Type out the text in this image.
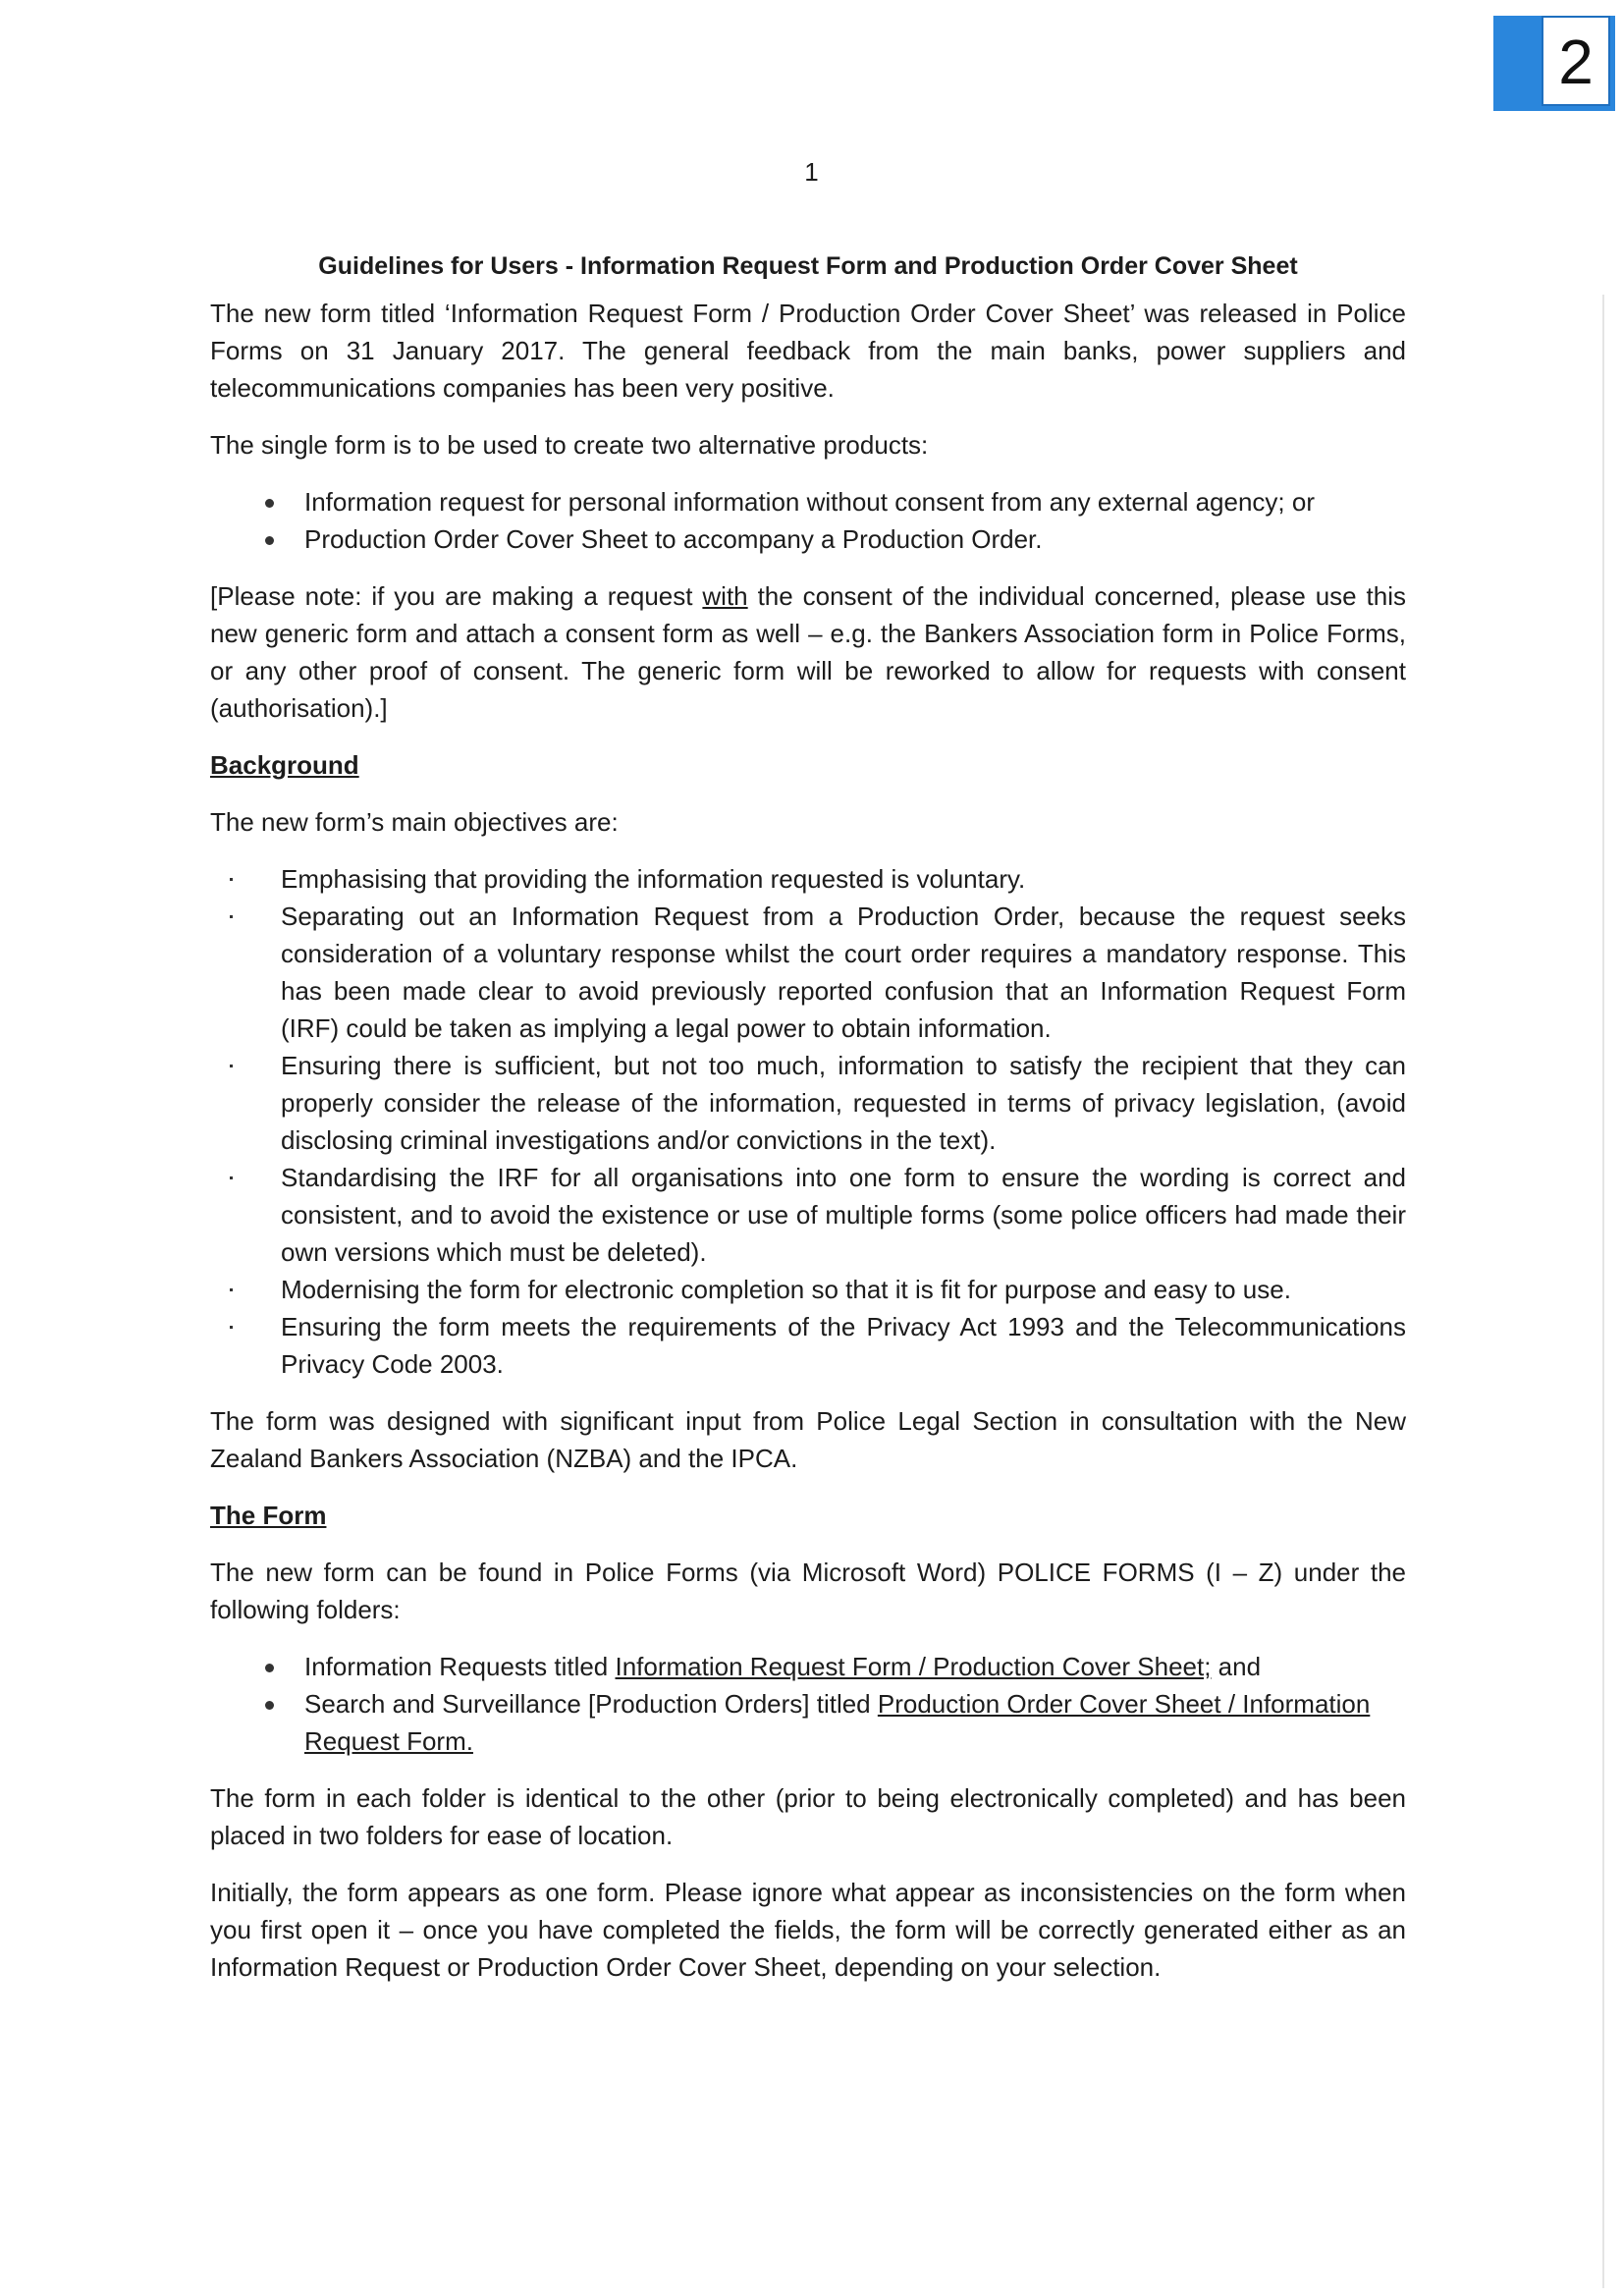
2
1
Guidelines for Users - Information Request Form and Production Order Cover Sheet

The new form titled ‘Information Request Form / Production Order Cover Sheet’ was released in Police Forms on 31 January 2017. The general feedback from the main banks, power suppliers and telecommunications companies has been very positive.

The single form is to be used to create two alternative products:

Information request for personal information without consent from any external agency; or
Production Order Cover Sheet to accompany a Production Order.

[Please note: if you are making a request with the consent of the individual concerned, please use this new generic form and attach a consent form as well – e.g. the Bankers Association form in Police Forms, or any other proof of consent. The generic form will be reworked to allow for requests with consent (authorisation).]

Background

The new form’s main objectives are:

Emphasising that providing the information requested is voluntary.
Separating out an Information Request from a Production Order, because the request seeks consideration of a voluntary response whilst the court order requires a mandatory response. This has been made clear to avoid previously reported confusion that an Information Request Form (IRF) could be taken as implying a legal power to obtain information.
Ensuring there is sufficient, but not too much, information to satisfy the recipient that they can properly consider the release of the information, requested in terms of privacy legislation, (avoid disclosing criminal investigations and/or convictions in the text).
Standardising the IRF for all organisations into one form to ensure the wording is correct and consistent, and to avoid the existence or use of multiple forms (some police officers had made their own versions which must be deleted).
Modernising the form for electronic completion so that it is fit for purpose and easy to use.
Ensuring the form meets the requirements of the Privacy Act 1993 and the Telecommunications Privacy Code 2003.

The form was designed with significant input from Police Legal Section in consultation with the New Zealand Bankers Association (NZBA) and the IPCA.

The Form

The new form can be found in Police Forms (via Microsoft Word) POLICE FORMS (I – Z) under the following folders:

Information Requests titled Information Request Form / Production Cover Sheet; and
Search and Surveillance [Production Orders] titled Production Order Cover Sheet / Information Request Form.

The form in each folder is identical to the other (prior to being electronically completed) and has been placed in two folders for ease of location.

Initially, the form appears as one form. Please ignore what appear as inconsistencies on the form when you first open it – once you have completed the fields, the form will be correctly generated either as an Information Request or Production Order Cover Sheet, depending on your selection.
